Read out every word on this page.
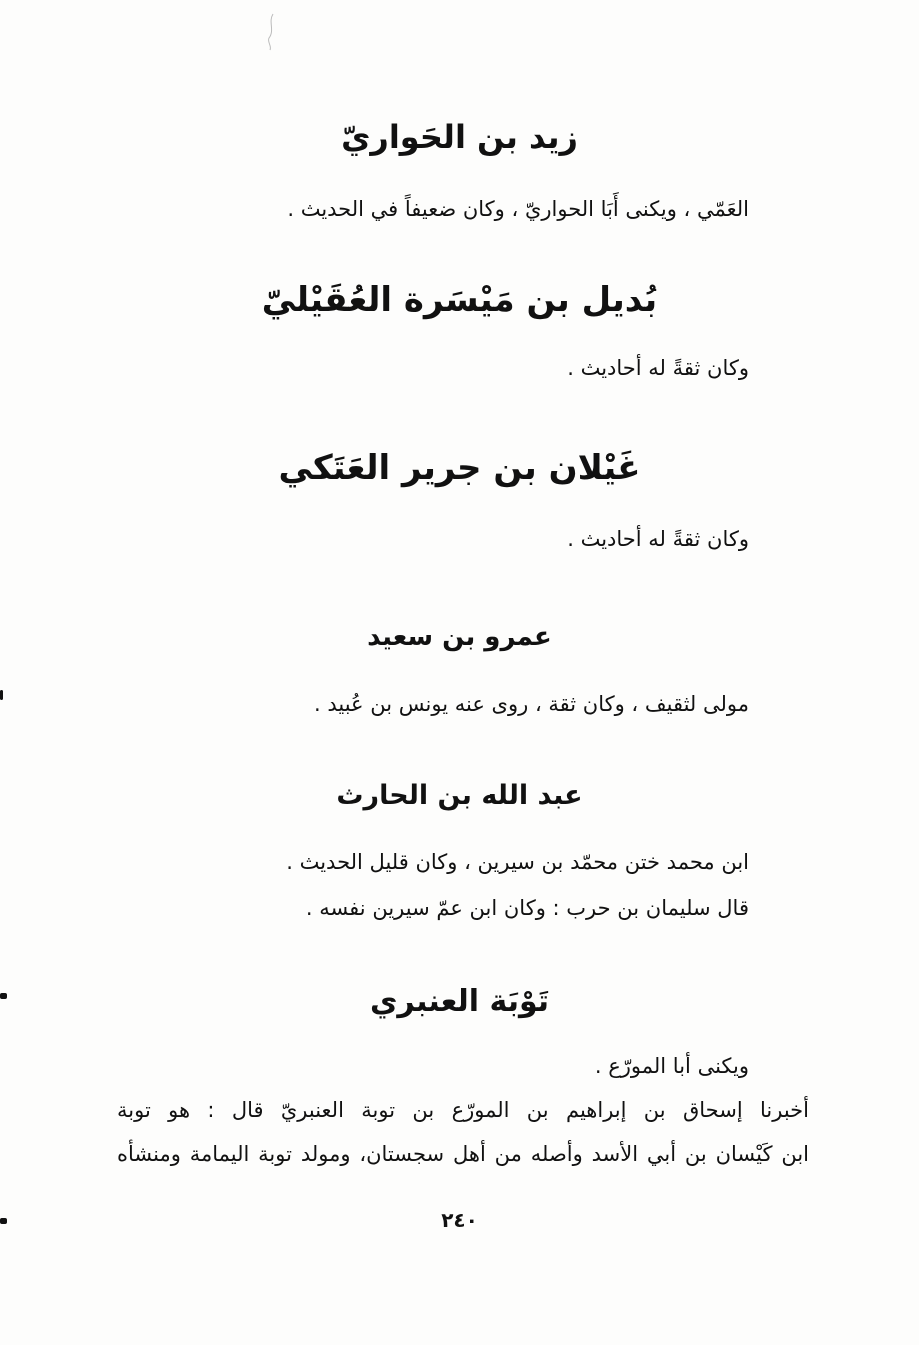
زيد بن الحَواريّ
العَمّي ، ويكنى أَبَا الحواريّ ، وكان ضعيفاً في الحديث .
بُديل بن مَيْسَرة العُقَيْليّ
وكان ثقةً له أحاديث .
غَيْلان بن جرير العَتَكي
وكان ثقةً له أحاديث .
عمرو بن سعيد
مولى لثقيف ، وكان ثقة ، روى عنه يونس بن عُبيد .
عبد الله بن الحارث
ابن محمد ختن محمّد بن سيرين ، وكان قليل الحديث .
قال سليمان بن حرب : وكان ابن عمّ سيرين نفسه .
تَوْبَة العنبري
ويكنى أبا المورّع .
أخبرنا إسحاق بن إبراهيم بن المورّع بن توبة العنبريّ قال : هو توبة
ابن كَيْسان بن أبي الأسد وأصله من أهل سجستان، ومولد توبة اليمامة ومنشأه
٢٤٠
